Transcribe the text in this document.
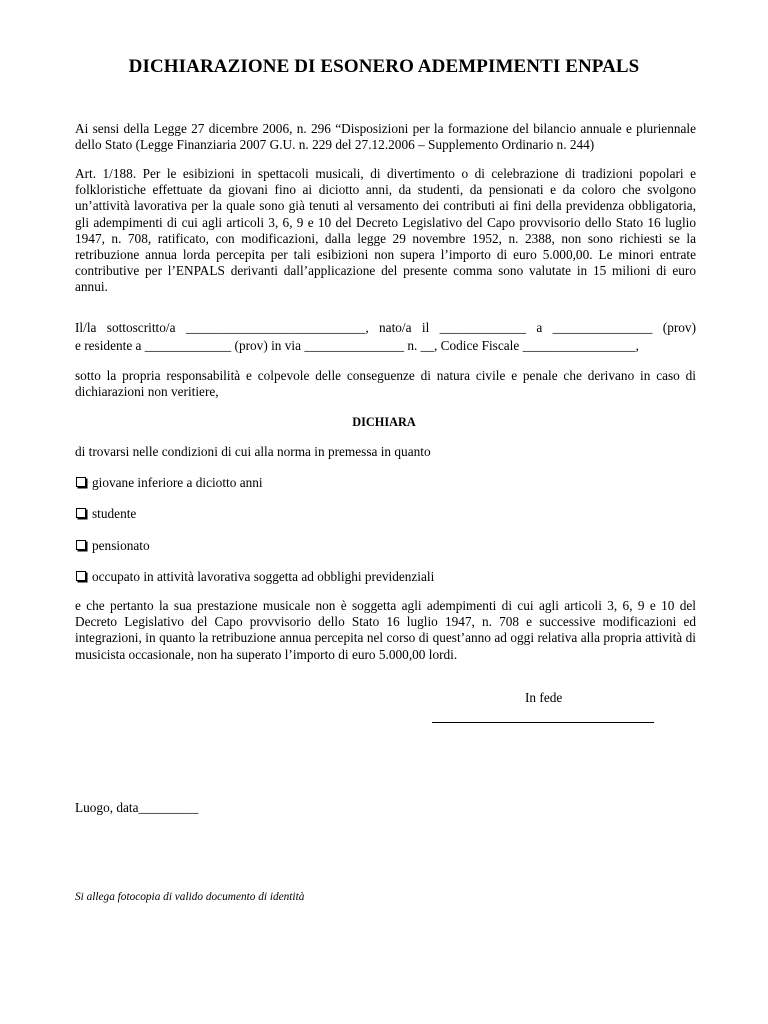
DICHIARAZIONE DI ESONERO ADEMPIMENTI ENPALS
Ai sensi della Legge 27 dicembre 2006, n. 296 “Disposizioni per la formazione del bilancio annuale e pluriennale dello Stato (Legge Finanziaria 2007 G.U. n. 229 del 27.12.2006 – Supplemento Ordinario n. 244)
Art. 1/188. Per le esibizioni in spettacoli musicali, di divertimento o di celebrazione di tradizioni popolari e folkloristiche effettuate da giovani fino ai diciotto anni, da studenti, da pensionati e da coloro che svolgono un’attività lavorativa per la quale sono già tenuti al versamento dei contributi ai fini della previdenza obbligatoria, gli adempimenti di cui agli articoli 3, 6, 9 e 10 del Decreto Legislativo del Capo provvisorio dello Stato 16 luglio 1947, n. 708, ratificato, con modificazioni, dalla legge 29 novembre 1952, n. 2388, non sono richiesti se la retribuzione annua lorda percepita per tali esibizioni non supera l’importo di euro 5.000,00. Le minori entrate contributive per l’ENPALS derivanti dall’applicazione del presente comma sono valutate in 15 milioni di euro annui.
Il/la sottoscritto/a ___________________________, nato/a il _____________ a _______________ (prov)
e residente a _____________ (prov) in via _______________ n. __, Codice Fiscale _________________,
sotto la propria responsabilità e colpevole delle conseguenze di natura civile e penale che derivano in caso di dichiarazioni non veritiere,
DICHIARA
di trovarsi nelle condizioni di cui alla norma in premessa in quanto
giovane inferiore a diciotto anni
studente
pensionato
occupato in attività lavorativa soggetta ad obblighi previdenziali
e che pertanto la sua prestazione musicale non è soggetta agli adempimenti di cui agli articoli 3, 6, 9 e 10 del Decreto Legislativo del Capo provvisorio dello Stato 16 luglio 1947, n. 708 e successive modificazioni ed integrazioni, in quanto la retribuzione annua percepita nel corso di quest’anno ad oggi relativa alla propria attività di musicista occasionale, non ha superato l’importo di euro 5.000,00 lordi.
In fede
Luogo, data_________
Si allega fotocopia di valido documento di identità
